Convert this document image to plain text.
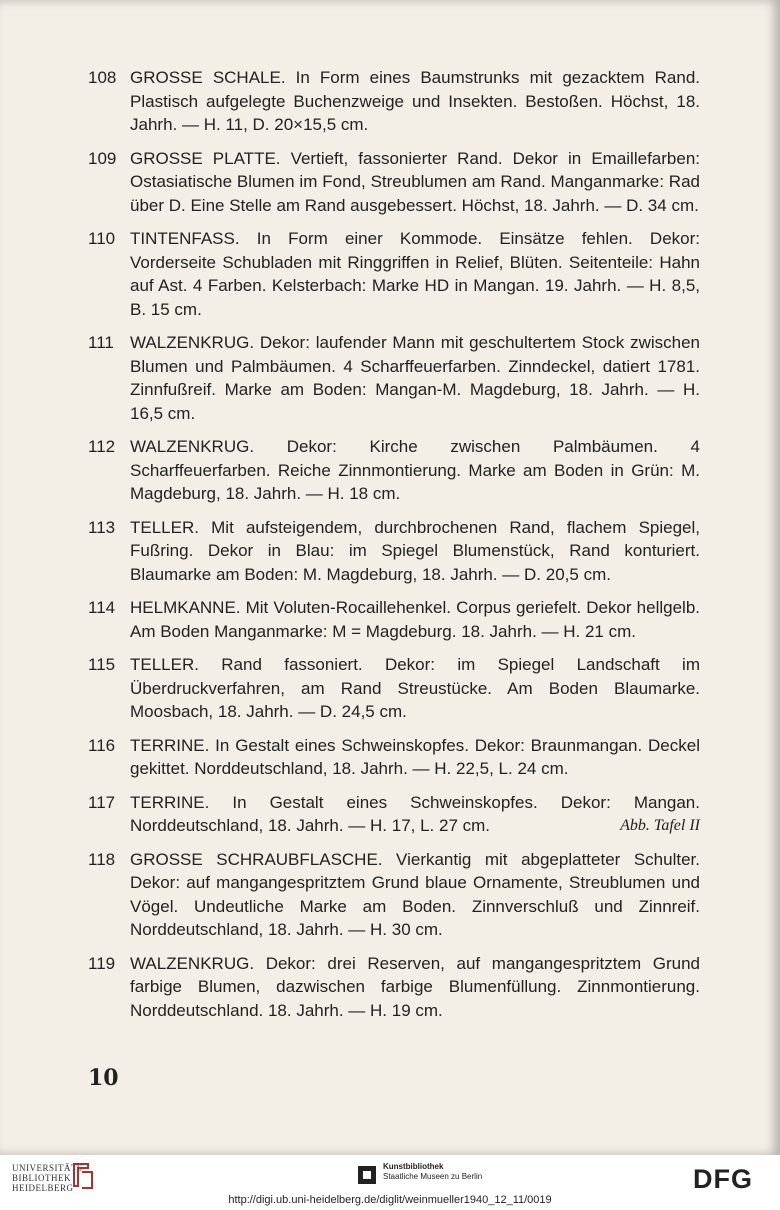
108 GROSSE SCHALE. In Form eines Baumstrunks mit gezacktem Rand. Plastisch aufgelegte Buchenzweige und Insekten. Bestoßen. Höchst, 18. Jahrh. — H. 11, D. 20×15,5 cm.
109 GROSSE PLATTE. Vertieft, fassonierter Rand. Dekor in Emaillefarben: Ostasiatische Blumen im Fond, Streublumen am Rand. Manganmarke: Rad über D. Eine Stelle am Rand ausgebessert. Höchst, 18. Jahrh. — D. 34 cm.
110 TINTENFASS. In Form einer Kommode. Einsätze fehlen. Dekor: Vorderseite Schubladen mit Ringgriffen in Relief, Blüten. Seitenteile: Hahn auf Ast. 4 Farben. Kelsterbach: Marke HD in Mangan. 19. Jahrh. — H. 8,5, B. 15 cm.
111 WALZENKRUG. Dekor: laufender Mann mit geschultertem Stock zwischen Blumen und Palmbäumen. 4 Scharffeuerfarben. Zinndeckel, datiert 1781. Zinnfußreif. Marke am Boden: Mangan-M. Magdeburg, 18. Jahrh. — H. 16,5 cm.
112 WALZENKRUG. Dekor: Kirche zwischen Palmbäumen. 4 Scharffeuerfarben. Reiche Zinnmontierung. Marke am Boden in Grün: M. Magdeburg, 18. Jahrh. — H. 18 cm.
113 TELLER. Mit aufsteigendem, durchbrochenen Rand, flachem Spiegel, Fußring. Dekor in Blau: im Spiegel Blumenstück, Rand konturiert. Blaumarke am Boden: M. Magdeburg, 18. Jahrh. — D. 20,5 cm.
114 HELMKANNE. Mit Voluten-Rocaillehenkel. Corpus geriefelt. Dekor hellgelb. Am Boden Manganmarke: M = Magdeburg. 18. Jahrh. — H. 21 cm.
115 TELLER. Rand fassoniert. Dekor: im Spiegel Landschaft im Überdruckverfahren, am Rand Streustücke. Am Boden Blaumarke. Moosbach, 18. Jahrh. — D. 24,5 cm.
116 TERRINE. In Gestalt eines Schweinskopfes. Dekor: Braunmangan. Deckel gekittet. Norddeutschland, 18. Jahrh. — H. 22,5, L. 24 cm.
117 TERRINE. In Gestalt eines Schweinskopfes. Dekor: Mangan. Norddeutschland, 18. Jahrh. — H. 17, L. 27 cm.	Abb. Tafel II
118 GROSSE SCHRAUBFLASCHE. Vierkantig mit abgeplatteter Schulter. Dekor: auf mangangespritztem Grund blaue Ornamente, Streublumen und Vögel. Undeutliche Marke am Boden. Zinnverschluß und Zinnreif. Norddeutschland, 18. Jahrh. — H. 30 cm.
119 WALZENKRUG. Dekor: drei Reserven, auf mangangespritztem Grund farbige Blumen, dazwischen farbige Blumenfüllung. Zinnmontierung. Norddeutschland. 18. Jahrh. — H. 19 cm.
10
UNIVERSITÄTS-
BIBLIOTHEK
HEIDELBERG
Kunstbibliothek
Staatliche Museen zu Berlin	DFG
http://digi.ub.uni-heidelberg.de/diglit/weinmueller1940_12_11/0019
